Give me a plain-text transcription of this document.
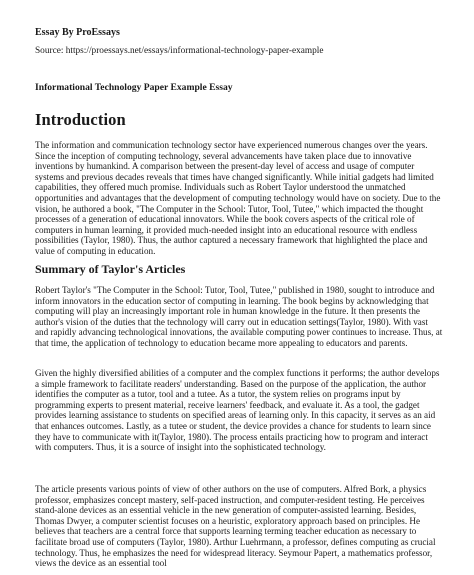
Essay By ProEssays
Source: https://proessays.net/essays/informational-technology-paper-example
Informational Technology Paper Example Essay
Introduction

The information and communication technology sector have experienced numerous changes over the years. Since the inception of computing technology, several advancements have taken place due to innovative inventions by humankind. A comparison between the present-day level of access and usage of computer systems and previous decades reveals that times have changed significantly. While initial gadgets had limited capabilities, they offered much promise. Individuals such as Robert Taylor understood the unmatched opportunities and advantages that the development of computing technology would have on society. Due to the vision, he authored a book, "The Computer in the School: Tutor, Tool, Tutee," which impacted the thought processes of a generation of educational innovators. While the book covers aspects of the critical role of computers in human learning, it provided much-needed insight into an educational resource with endless possibilities (Taylor, 1980). Thus, the author captured a necessary framework that highlighted the place and value of computing in education.

Summary of Taylor's Articles

Robert Taylor's "The Computer in the School: Tutor, Tool, Tutee," published in 1980, sought to introduce and inform innovators in the education sector of computing in learning. The book begins by acknowledging that computing will play an increasingly important role in human knowledge in the future. It then presents the author's vision of the duties that the technology will carry out in education settings(Taylor, 1980). With vast and rapidly advancing technological innovations, the available computing power continues to increase. Thus, at that time, the application of technology to education became more appealing to educators and parents.

Given the highly diversified abilities of a computer and the complex functions it performs; the author develops a simple framework to facilitate readers' understanding. Based on the purpose of the application, the author identifies the computer as a tutor, tool and a tutee. As a tutor, the system relies on programs input by programming experts to present material, receive learners' feedback, and evaluate it. As a tool, the gadget provides learning assistance to students on specified areas of learning only. In this capacity, it serves as an aid that enhances outcomes. Lastly, as a tutee or student, the device provides a chance for students to learn since they have to communicate with it(Taylor, 1980). The process entails practicing how to program and interact with computers. Thus, it is a source of insight into the sophisticated technology.

The article presents various points of view of other authors on the use of computers. Alfred Bork, a physics professor, emphasizes concept mastery, self-paced instruction, and computer-resident testing. He perceives stand-alone devices as an essential vehicle in the new generation of computer-assisted learning. Besides, Thomas Dwyer, a computer scientist focuses on a heuristic, exploratory approach based on principles. He believes that teachers are a central force that supports learning terming teacher education as necessary to facilitate broad use of computers (Taylor, 1980). Arthur Luehrmann, a professor, defines computing as crucial technology. Thus, he emphasizes the need for widespread literacy. Seymour Papert, a mathematics professor, views the device as an essential tool
